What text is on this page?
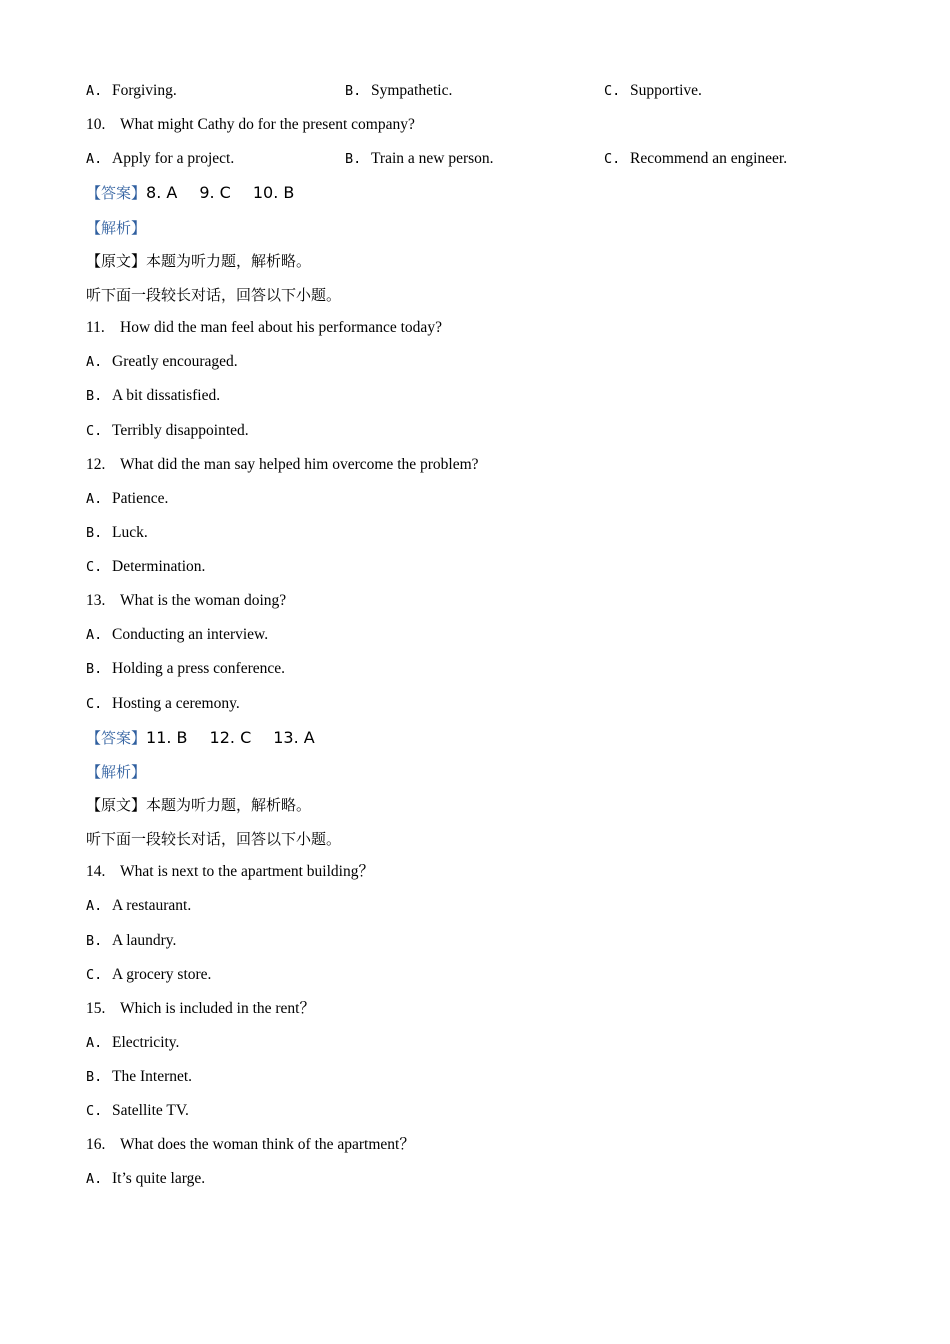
A. Forgiving.	B. Sympathetic.	C. Supportive.
10. What might Cathy do for the present company?
A. Apply for a project.	B. Train a new person.	C. Recommend an engineer.
【答案】8. A 9. C 10. B
【解析】
【原文】本题为听力题，解析略。
听下面一段较长对话，回答以下小题。
11. How did the man feel about his performance today?
A. Greatly encouraged.
B. A bit dissatisfied.
C. Terribly disappointed.
12. What did the man say helped him overcome the problem?
A. Patience.
B. Luck.
C. Determination.
13. What is the woman doing?
A. Conducting an interview.
B. Holding a press conference.
C. Hosting a ceremony.
【答案】11. B 12. C 13. A
【解析】
【原文】本题为听力题，解析略。
听下面一段较长对话，回答以下小题。
14. What is next to the apartment building？
A. A restaurant.
B. A laundry.
C. A grocery store.
15. Which is included in the rent？
A. Electricity.
B. The Internet.
C. Satellite TV.
16. What does the woman think of the apartment？
A. It’s quite large.
